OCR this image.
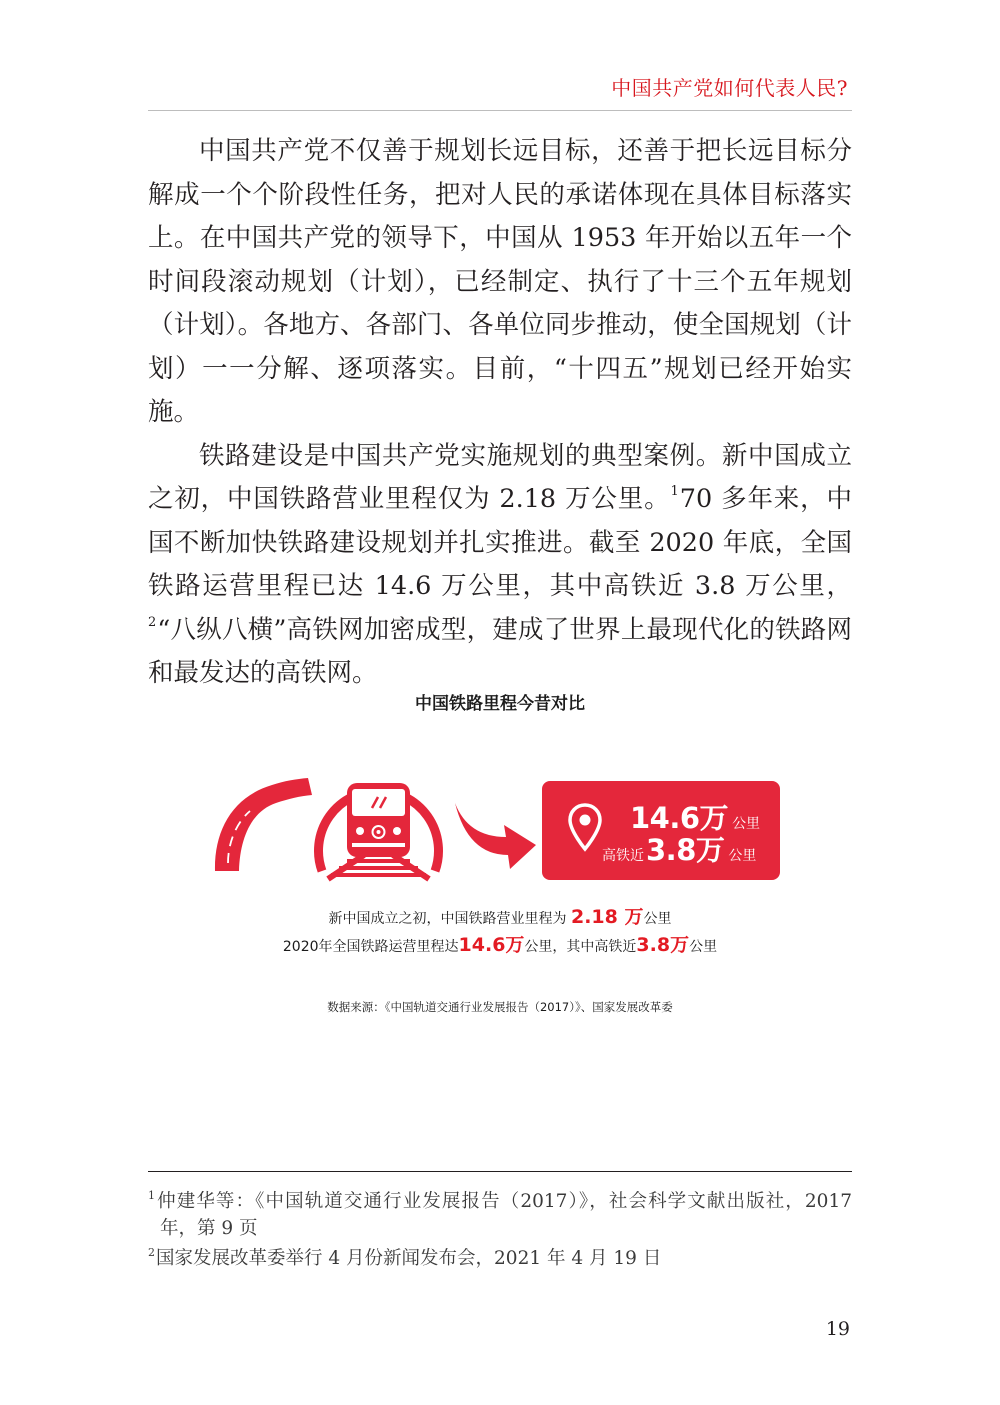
中国共产党如何代表人民?

中国共产党不仅善于规划长远目标，还善于把长远目标分解成一个个阶段性任务，把对人民的承诺体现在具体目标落实上。在中国共产党的领导下，中国从 1953 年开始以五年一个时间段滚动规划（计划），已经制定、执行了十三个五年规划（计划）。各地方、各部门、各单位同步推动，使全国规划（计划）一一分解、逐项落实。目前，“十四五”规划已经开始实施。

铁路建设是中国共产党实施规划的典型案例。新中国成立之初，中国铁路营业里程仅为 2.18 万公里。$^1$70 多年来，中国不断加快铁路建设规划并扎实推进。截至 2020 年底，全国铁路运营里程已达 14.6 万公里，其中高铁近 3.8 万公里，$^2$“八纵八横”高铁网加密成型，建成了世界上最现代化的铁路网和最发达的高铁网。

中国铁路里程今昔对比
14.6万 公里
高铁近 3.8万 公里
新中国成立之初，中国铁路营业里程为 2.18 万公里
2020年全国铁路运营里程达14.6万公里，其中高铁近3.8万公里
数据来源：《中国轨道交通行业发展报告（2017）》、国家发展改革委

$^1$仲建华等：《中国轨道交通行业发展报告（2017）》，社会科学文献出版社，2017 年，第 9 页

$^2$国家发展改革委举行 4 月份新闻发布会，2021 年 4 月 19 日

19
